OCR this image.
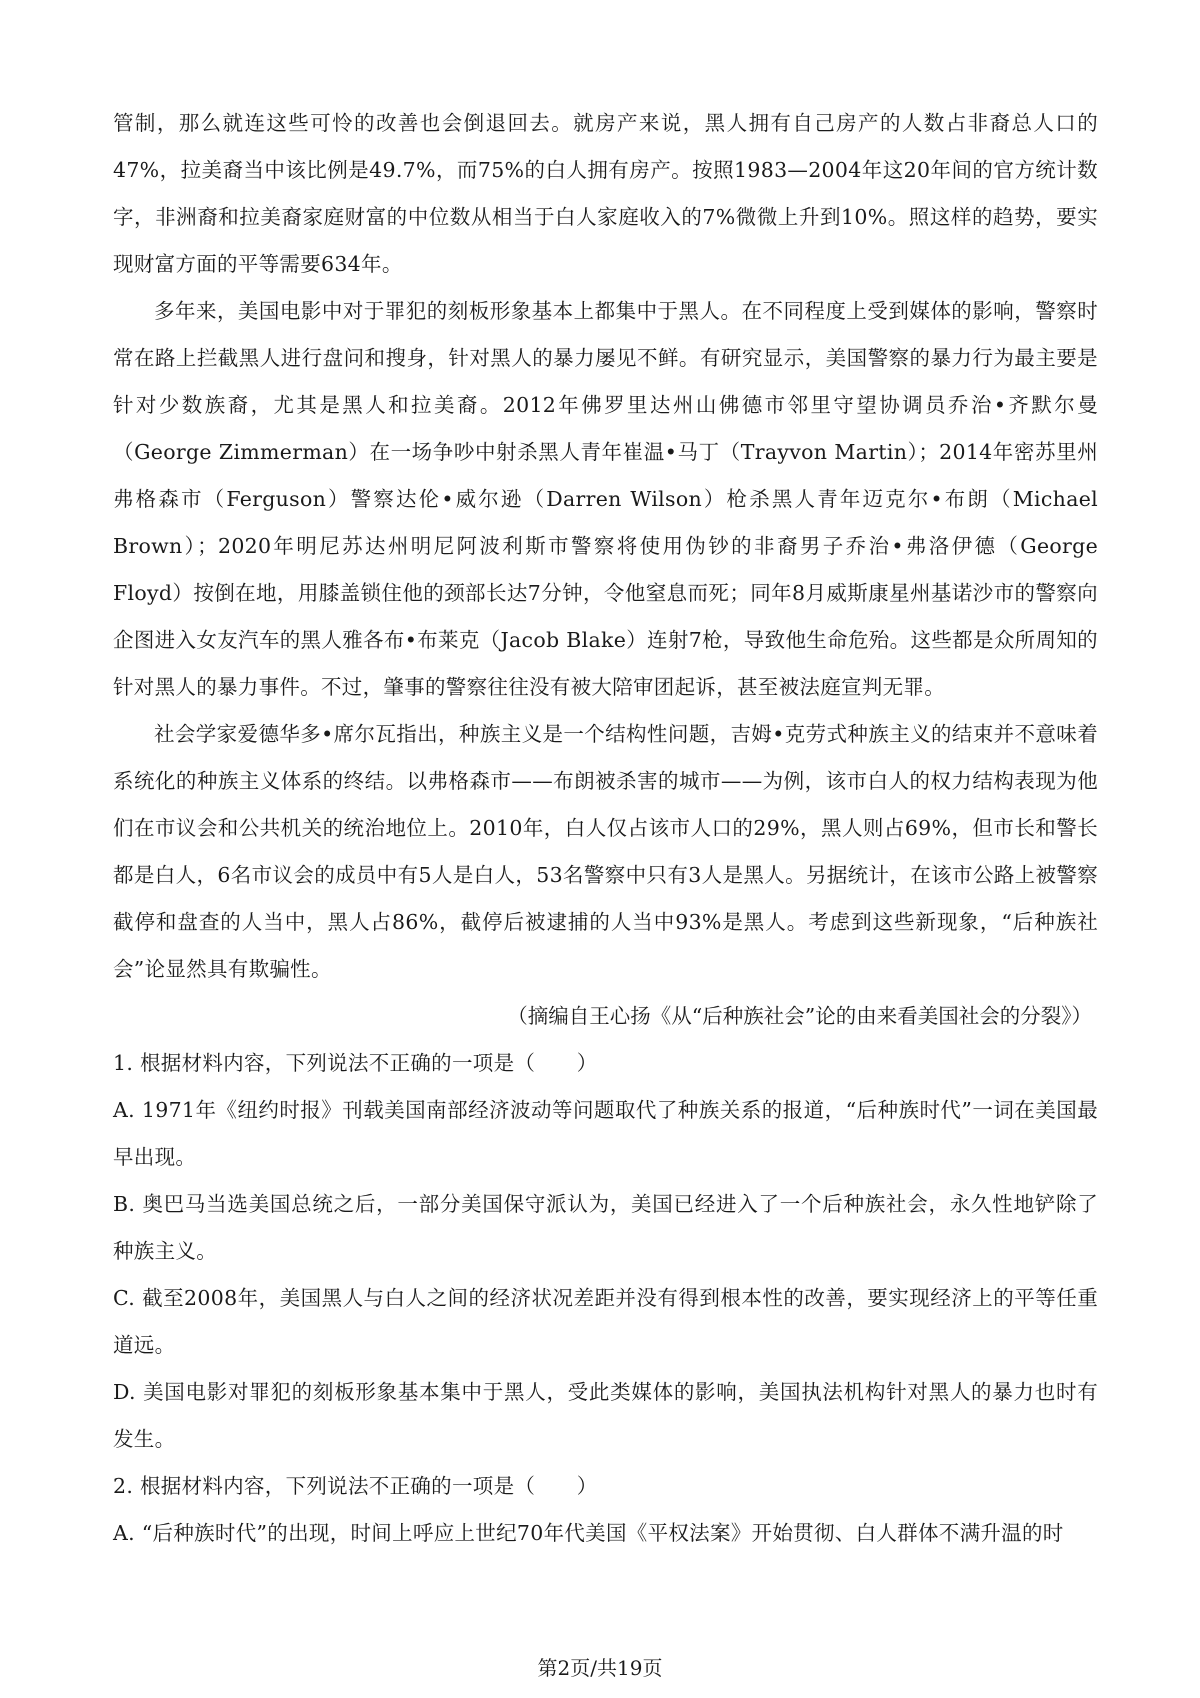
管制，那么就连这些可怜的改善也会倒退回去。就房产来说，黑人拥有自己房产的人数占非裔总人口的47%，拉美裔当中该比例是49.7%，而75%的白人拥有房产。按照1983—2004年这20年间的官方统计数字，非洲裔和拉美裔家庭财富的中位数从相当于白人家庭收入的7%微微上升到10%。照这样的趋势，要实现财富方面的平等需要634年。

多年来，美国电影中对于罪犯的刻板形象基本上都集中于黑人。在不同程度上受到媒体的影响，警察时常在路上拦截黑人进行盘问和搜身，针对黑人的暴力屡见不鲜。有研究显示，美国警察的暴力行为最主要是针对少数族裔，尤其是黑人和拉美裔。2012年佛罗里达州山佛德市邻里守望协调员乔治•齐默尔曼（George Zimmerman）在一场争吵中射杀黑人青年崔温•马丁（Trayvon Martin）；2014年密苏里州弗格森市（Ferguson）警察达伦•威尔逊（Darren Wilson）枪杀黑人青年迈克尔•布朗（Michael Brown）；2020年明尼苏达州明尼阿波利斯市警察将使用伪钞的非裔男子乔治•弗洛伊德（George Floyd）按倒在地，用膝盖锁住他的颈部长达7分钟，令他窒息而死；同年8月威斯康星州基诺沙市的警察向企图进入女友汽车的黑人雅各布•布莱克（Jacob Blake）连射7枪，导致他生命危殆。这些都是众所周知的针对黑人的暴力事件。不过，肇事的警察往往没有被大陪审团起诉，甚至被法庭宣判无罪。

社会学家爱德华多•席尔瓦指出，种族主义是一个结构性问题，吉姆•克劳式种族主义的结束并不意味着系统化的种族主义体系的终结。以弗格森市——布朗被杀害的城市——为例，该市白人的权力结构表现为他们在市议会和公共机关的统治地位上。2010年，白人仅占该市人口的29%，黑人则占69%，但市长和警长都是白人，6名市议会的成员中有5人是白人，53名警察中只有3人是黑人。另据统计，在该市公路上被警察截停和盘查的人当中，黑人占86%，截停后被逮捕的人当中93%是黑人。考虑到这些新现象，“后种族社会”论显然具有欺骗性。

（摘编自王心扬《从“后种族社会”论的由来看美国社会的分裂》）

1. 根据材料内容，下列说法不正确的一项是（　　）

A. 1971年《纽约时报》刊载美国南部经济波动等问题取代了种族关系的报道，“后种族时代”一词在美国最早出现。

B. 奥巴马当选美国总统之后，一部分美国保守派认为，美国已经进入了一个后种族社会，永久性地铲除了种族主义。

C. 截至2008年，美国黑人与白人之间的经济状况差距并没有得到根本性的改善，要实现经济上的平等任重道远。

D. 美国电影对罪犯的刻板形象基本集中于黑人，受此类媒体的影响，美国执法机构针对黑人的暴力也时有发生。

2. 根据材料内容，下列说法不正确的一项是（　　）

A. “后种族时代”的出现，时间上呼应上世纪70年代美国《平权法案》开始贯彻、白人群体不满升温的时

第2页/共19页
